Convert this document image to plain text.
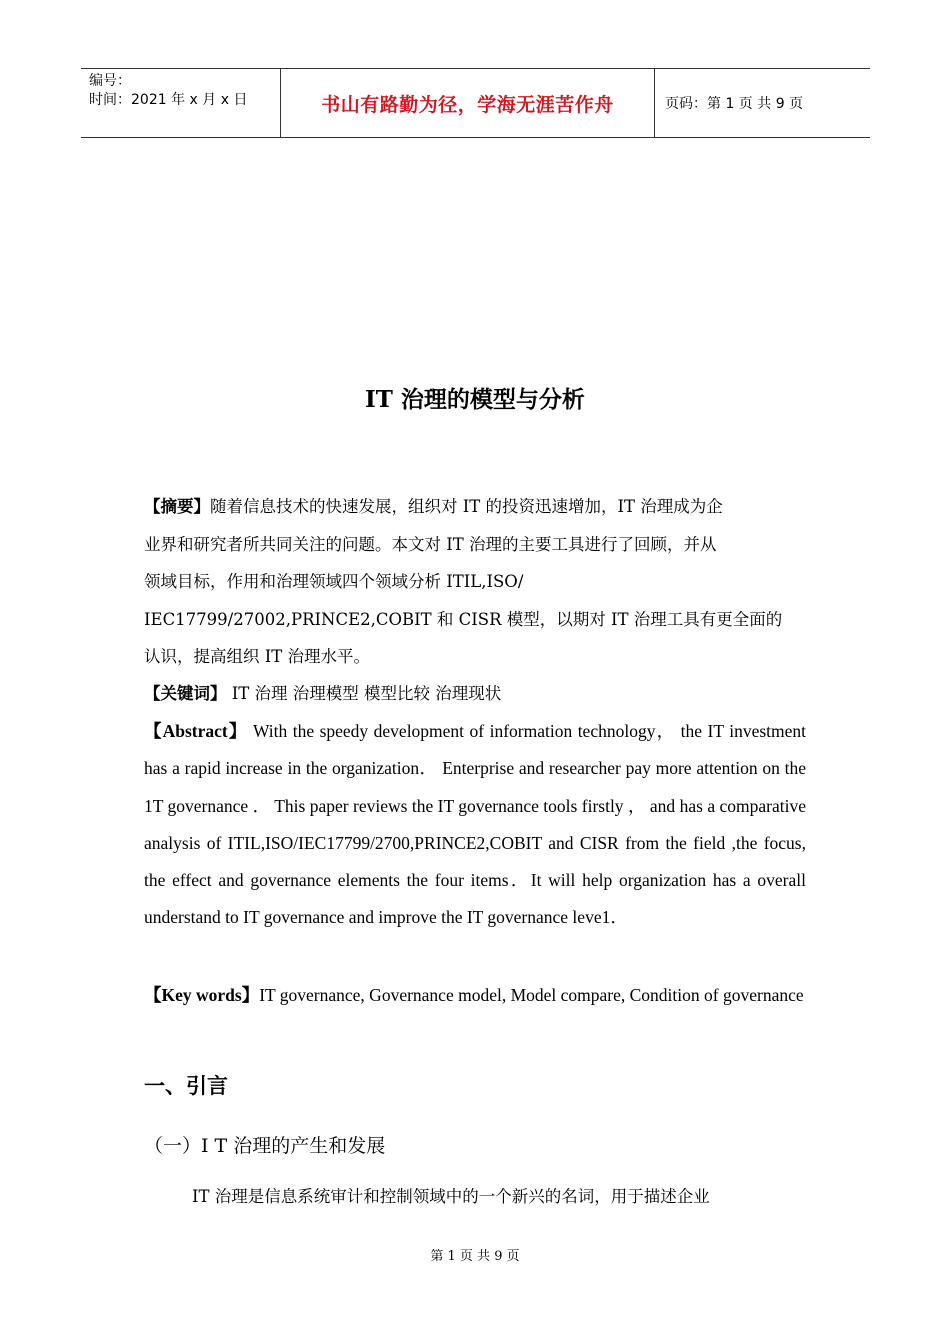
编号：
时间：2021 年 x 月 x 日	书山有路勤为径，学海无涯苦作舟	页码：第 1 页 共 9 页
IT 治理的模型与分析
【摘要】随着信息技术的快速发展，组织对 IT 的投资迅速增加，IT 治理成为企
业界和研究者所共同关注的问题。本文对 IT 治理的主要工具进行了回顾，并从
领域目标，作用和治理领域四个领域分析 ITIL,ISO/
IEC17799/27002,PRINCE2,COBIT 和 CISR 模型，以期对 IT 治理工具有更全面的
认识，提高组织 IT 治理水平。
【关键词】 IT 治理 治理模型 模型比较 治理现状
【Abstract】 With the speedy development of information technology， the IT investment has a rapid increase in the organization． Enterprise and researcher pay more attention on the 1T governance ． This paper reviews the IT governance tools firstly ， and has a comparative analysis of ITIL,ISO/IEC17799/2700,PRINCE2,COBIT and CISR from the field ,the focus, the effect and governance elements the four items．It will help organization has a overall understand to IT governance and improve the IT governance leve1．
【Key words】IT governance, Governance model, Model compare, Condition of governance
一、引言
（一）I T 治理的产生和发展
IT 治理是信息系统审计和控制领域中的一个新兴的名词，用于描述企业
第 1 页 共 9 页
